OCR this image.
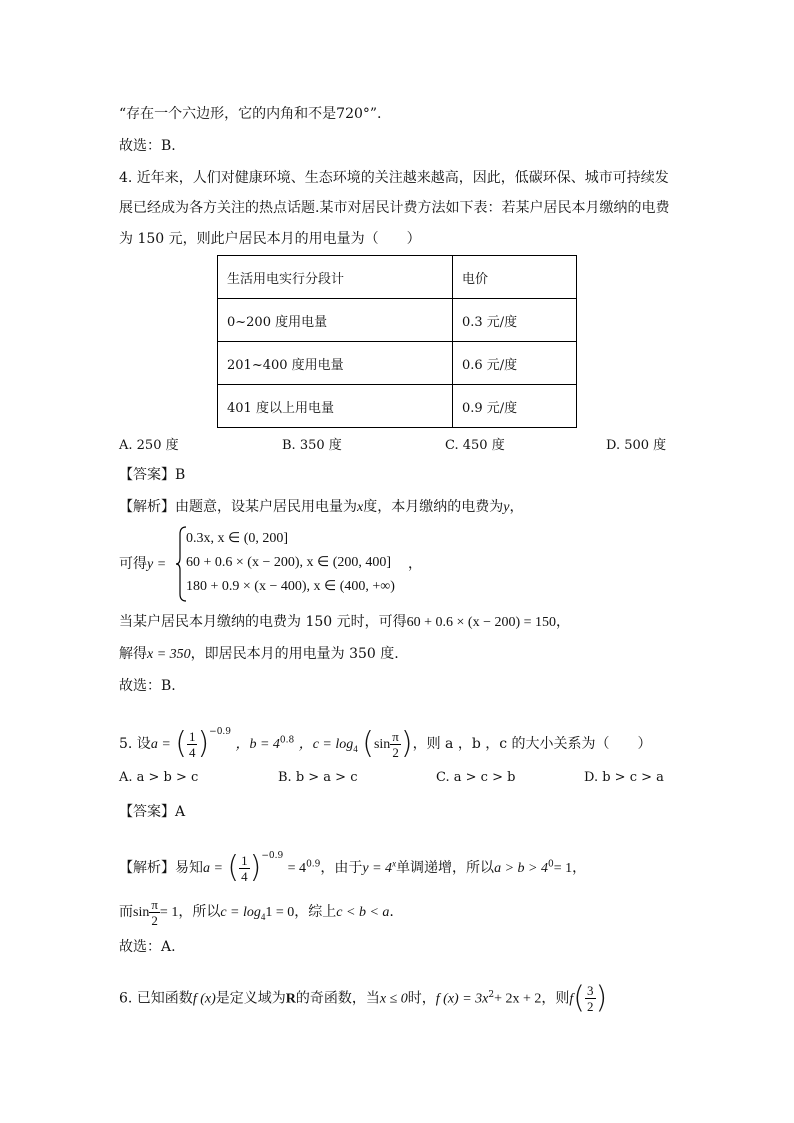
“存在一个六边形，它的内角和不是720°”.
故选：B.
4. 近年来，人们对健康环境、生态环境的关注越来越高，因此，低碳环保、城市可持续发
展已经成为各方关注的热点话题.某市对居民计费方法如下表：若某户居民本月缴纳的电费
为 150 元，则此户居民本月的用电量为（　　）
生活用电实行分段计	电价
0~200 度用电量	0.3 元/度
201~400 度用电量	0.6 元/度
401 度以上用电量	0.9 元/度
A. 250 度	B. 350 度	C. 450 度	D. 500 度
【答案】B
【解析】由题意，设某户居民用电量为x度，本月缴纳的电费为y，
可得y =
0.3x, x ∈ (0, 200]
60 + 0.6 × (x − 200), x ∈ (200, 400]
180 + 0.9 × (x − 400), x ∈ (400, +∞)
，
当某户居民本月缴纳的电费为 150 元时，可得60 + 0.6 × (x − 200) = 150，
解得x = 350，即居民本月的用电量为 350 度.
故选：B.
5. 设a = ( $\frac{1}{4} )^{-0.9}$ ，$b = 4^{0.8}$ ，$c = \log_4 (\sin \frac{\pi}{2}$ )，则 a ，b ，c 的大小关系为（　　）
A. a > b > c	B. b > a > c	C. a > c > b	D. b > c > a
【答案】A
【解析】易知a = ( $\frac{1}{4} )^{-0.9} = 4^{0.9}$，由于$y = 4^x$单调递增，所以$a > b > 4^0= 1$，
而$\sin \frac{\pi}{2} = 1$，所以$c = \log_41 = 0$，综上c < b < a.
故选：A.
6. 已知函数f (x)是定义域为R的奇函数，当x ≤ 0时，f $(x) = 3x^2+ 2x + 2$，则$f( \frac{3}{2}$ )
